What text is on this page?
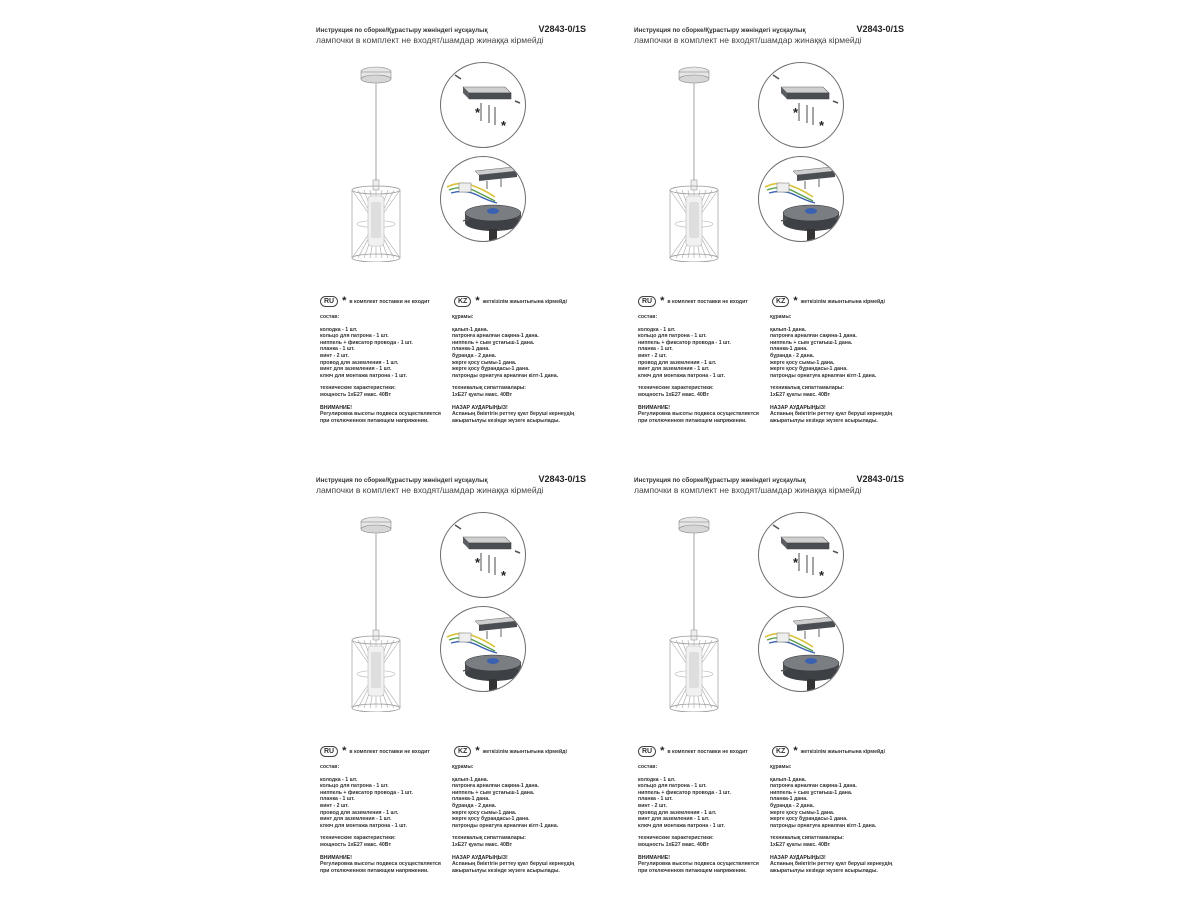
Инструкция по сборке/Құрастыру жөніндегі нұсқаулық	V2843-0/1S
лампочки в комплект не входят/шамдар жинаққа кірмейді
*
*
RU * в комплект поставки не входит	KZ * жеткізілім жиынтығына кірмейді
состав:
колодка - 1 шт.
кольцо для патрона - 1 шт.
ниппель + фиксатор провода - 1 шт.
планка - 1 шт.
винт - 2 шт.
провод для заземления - 1 шт.
винт для заземления - 1 шт.
ключ для монтажа патрона - 1 шт.
технические характеристики:
мощность 1хЕ27 макс. 40Вт
ВНИМАНИЕ!
Регулировка высоты подвеса осуществляется
при отключенном питающем напряжении.
құрамы:
қалып-1 дана.
патронға арналған сақина-1 дана.
ниппель + сым ұстағыш-1 дана.
планка-1 дана.
бұранда - 2 дана.
жерге қосу сымы-1 дана.
жерге қосу бұрандасы-1 дана.
патронды орнатуға арналған кілт-1 дана.
техникалық сипаттамалары:
1хЕ27 қуаты макс. 40Вт
НАЗАР АУДАРЫҢЫЗ!
Аспаның биіктігін реттеу қуат беруші кернеудің
ажыратылуы кезінде жүзеге асырылады.
Инструкция по сборке/Құрастыру жөніндегі нұсқаулық	V2843-0/1S
лампочки в комплект не входят/шамдар жинаққа кірмейді
*
*
RU * в комплект поставки не входит	KZ * жеткізілім жиынтығына кірмейді
состав:
колодка - 1 шт.
кольцо для патрона - 1 шт.
ниппель + фиксатор провода - 1 шт.
планка - 1 шт.
винт - 2 шт.
провод для заземления - 1 шт.
винт для заземления - 1 шт.
ключ для монтажа патрона - 1 шт.
технические характеристики:
мощность 1хЕ27 макс. 40Вт
ВНИМАНИЕ!
Регулировка высоты подвеса осуществляется
при отключенном питающем напряжении.
құрамы:
қалып-1 дана.
патронға арналған сақина-1 дана.
ниппель + сым ұстағыш-1 дана.
планка-1 дана.
бұранда - 2 дана.
жерге қосу сымы-1 дана.
жерге қосу бұрандасы-1 дана.
патронды орнатуға арналған кілт-1 дана.
техникалық сипаттамалары:
1хЕ27 қуаты макс. 40Вт
НАЗАР АУДАРЫҢЫЗ!
Аспаның биіктігін реттеу қуат беруші кернеудің
ажыратылуы кезінде жүзеге асырылады.
Инструкция по сборке/Құрастыру жөніндегі нұсқаулық	V2843-0/1S
лампочки в комплект не входят/шамдар жинаққа кірмейді
*
*
RU * в комплект поставки не входит	KZ * жеткізілім жиынтығына кірмейді
состав:
колодка - 1 шт.
кольцо для патрона - 1 шт.
ниппель + фиксатор провода - 1 шт.
планка - 1 шт.
винт - 2 шт.
провод для заземления - 1 шт.
винт для заземления - 1 шт.
ключ для монтажа патрона - 1 шт.
технические характеристики:
мощность 1хЕ27 макс. 40Вт
ВНИМАНИЕ!
Регулировка высоты подвеса осуществляется
при отключенном питающем напряжении.
құрамы:
қалып-1 дана.
патронға арналған сақина-1 дана.
ниппель + сым ұстағыш-1 дана.
планка-1 дана.
бұранда - 2 дана.
жерге қосу сымы-1 дана.
жерге қосу бұрандасы-1 дана.
патронды орнатуға арналған кілт-1 дана.
техникалық сипаттамалары:
1хЕ27 қуаты макс. 40Вт
НАЗАР АУДАРЫҢЫЗ!
Аспаның биіктігін реттеу қуат беруші кернеудің
ажыратылуы кезінде жүзеге асырылады.
Инструкция по сборке/Құрастыру жөніндегі нұсқаулық	V2843-0/1S
лампочки в комплект не входят/шамдар жинаққа кірмейді
*
*
RU * в комплект поставки не входит	KZ * жеткізілім жиынтығына кірмейді
состав:
колодка - 1 шт.
кольцо для патрона - 1 шт.
ниппель + фиксатор провода - 1 шт.
планка - 1 шт.
винт - 2 шт.
провод для заземления - 1 шт.
винт для заземления - 1 шт.
ключ для монтажа патрона - 1 шт.
технические характеристики:
мощность 1хЕ27 макс. 40Вт
ВНИМАНИЕ!
Регулировка высоты подвеса осуществляется
при отключенном питающем напряжении.
құрамы:
қалып-1 дана.
патронға арналған сақина-1 дана.
ниппель + сым ұстағыш-1 дана.
планка-1 дана.
бұранда - 2 дана.
жерге қосу сымы-1 дана.
жерге қосу бұрандасы-1 дана.
патронды орнатуға арналған кілт-1 дана.
техникалық сипаттамалары:
1хЕ27 қуаты макс. 40Вт
НАЗАР АУДАРЫҢЫЗ!
Аспаның биіктігін реттеу қуат беруші кернеудің
ажыратылуы кезінде жүзеге асырылады.
